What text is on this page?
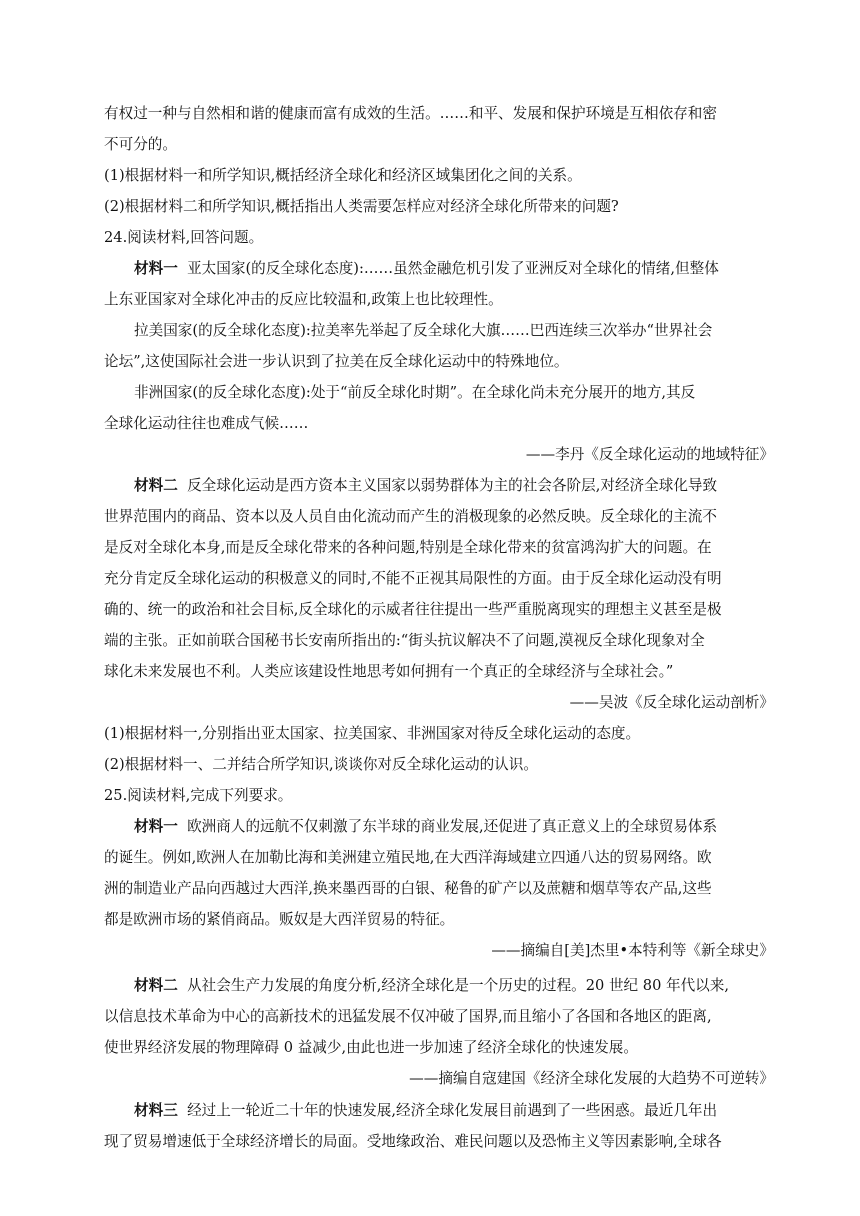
有权过一种与自然相和谐的健康而富有成效的生活。……和平、发展和保护环境是互相依存和密
不可分的。
(1)根据材料一和所学知识,概括经济全球化和经济区域集团化之间的关系。
(2)根据材料二和所学知识,概括指出人类需要怎样应对经济全球化所带来的问题?
24.阅读材料,回答问题。
材料一 亚太国家(的反全球化态度):……虽然金融危机引发了亚洲反对全球化的情绪,但整体
上东亚国家对全球化冲击的反应比较温和,政策上也比较理性。
拉美国家(的反全球化态度):拉美率先举起了反全球化大旗……巴西连续三次举办“世界社会
论坛”,这使国际社会进一步认识到了拉美在反全球化运动中的特殊地位。
非洲国家(的反全球化态度):处于“前反全球化时期”。在全球化尚未充分展开的地方,其反
全球化运动往往也难成气候……
——李丹《反全球化运动的地域特征》
材料二 反全球化运动是西方资本主义国家以弱势群体为主的社会各阶层,对经济全球化导致
世界范围内的商品、资本以及人员自由化流动而产生的消极现象的必然反映。反全球化的主流不
是反对全球化本身,而是反全球化带来的各种问题,特别是全球化带来的贫富鸿沟扩大的问题。在
充分肯定反全球化运动的积极意义的同时,不能不正视其局限性的方面。由于反全球化运动没有明
确的、统一的政治和社会目标,反全球化的示威者往往提出一些严重脱离现实的理想主义甚至是极
端的主张。正如前联合国秘书长安南所指出的:“街头抗议解决不了问题,漠视反全球化现象对全
球化未来发展也不利。人类应该建设性地思考如何拥有一个真正的全球经济与全球社会。”
——吴波《反全球化运动剖析》
(1)根据材料一,分别指出亚太国家、拉美国家、非洲国家对待反全球化运动的态度。
(2)根据材料一、二并结合所学知识,谈谈你对反全球化运动的认识。
25.阅读材料,完成下列要求。
材料一 欧洲商人的远航不仅刺激了东半球的商业发展,还促进了真正意义上的全球贸易体系
的诞生。例如,欧洲人在加勒比海和美洲建立殖民地,在大西洋海域建立四通八达的贸易网络。欧
洲的制造业产品向西越过大西洋,换来墨西哥的白银、秘鲁的矿产以及蔗糖和烟草等农产品,这些
都是欧洲市场的紧俏商品。贩奴是大西洋贸易的特征。
——摘编自[美]杰里•本特利等《新全球史》
材料二 从社会生产力发展的角度分析,经济全球化是一个历史的过程。20 世纪 80 年代以来,
以信息技术革命为中心的高新技术的迅猛发展不仅冲破了国界,而且缩小了各国和各地区的距离,
使世界经济发展的物理障碍 0 益减少,由此也进一步加速了经济全球化的快速发展。
——摘编自寇建国《经济全球化发展的大趋势不可逆转》
材料三 经过上一轮近二十年的快速发展,经济全球化发展目前遇到了一些困惑。最近几年出
现了贸易增速低于全球经济增长的局面。受地缘政治、难民问题以及恐怖主义等因素影响,全球各
